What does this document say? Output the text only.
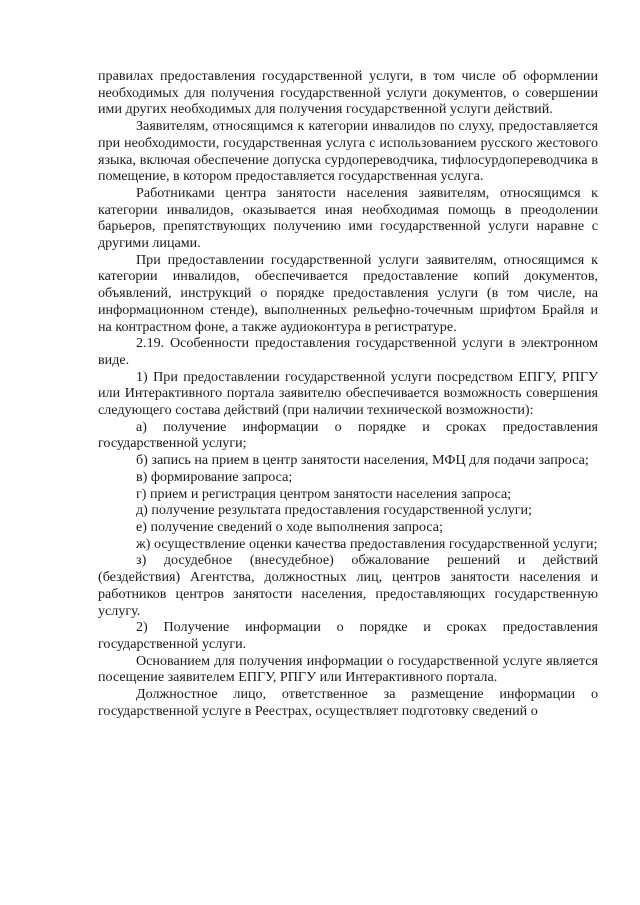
правилах предоставления государственной услуги, в том числе об оформлении необходимых для получения государственной услуги документов, о совершении ими других необходимых для получения государственной услуги действий.

Заявителям, относящимся к категории инвалидов по слуху, предоставляется при необходимости, государственная услуга с использованием русского жестового языка, включая обеспечение допуска сурдопереводчика, тифлосурдопереводчика в помещение, в котором предоставляется государственная услуга.

Работниками центра занятости населения заявителям, относящимся к категории инвалидов, оказывается иная необходимая помощь в преодолении барьеров, препятствующих получению ими государственной услуги наравне с другими лицами.

При предоставлении государственной услуги заявителям, относящимся к категории инвалидов, обеспечивается предоставление копий документов, объявлений, инструкций о порядке предоставления услуги (в том числе, на информационном стенде), выполненных рельефно-точечным шрифтом Брайля и на контрастном фоне, а также аудиоконтура в регистратуре.

2.19. Особенности предоставления государственной услуги в электронном виде.

1) При предоставлении государственной услуги посредством ЕПГУ, РПГУ или Интерактивного портала заявителю обеспечивается возможность совершения следующего состава действий (при наличии технической возможности):

а) получение информации о порядке и сроках предоставления государственной услуги;

б) запись на прием в центр занятости населения, МФЦ для подачи запроса;

в) формирование запроса;

г) прием и регистрация центром занятости населения запроса;

д) получение результата предоставления государственной услуги;

е) получение сведений о ходе выполнения запроса;

ж) осуществление оценки качества предоставления государственной услуги;

з) досудебное (внесудебное) обжалование решений и действий (бездействия) Агентства, должностных лиц, центров занятости населения и работников центров занятости населения, предоставляющих государственную услугу.

2) Получение информации о порядке и сроках предоставления государственной услуги.

Основанием для получения информации о государственной услуге является посещение заявителем ЕПГУ, РПГУ или Интерактивного портала.

Должностное лицо, ответственное за размещение информации о государственной услуге в Реестрах, осуществляет подготовку сведений о
